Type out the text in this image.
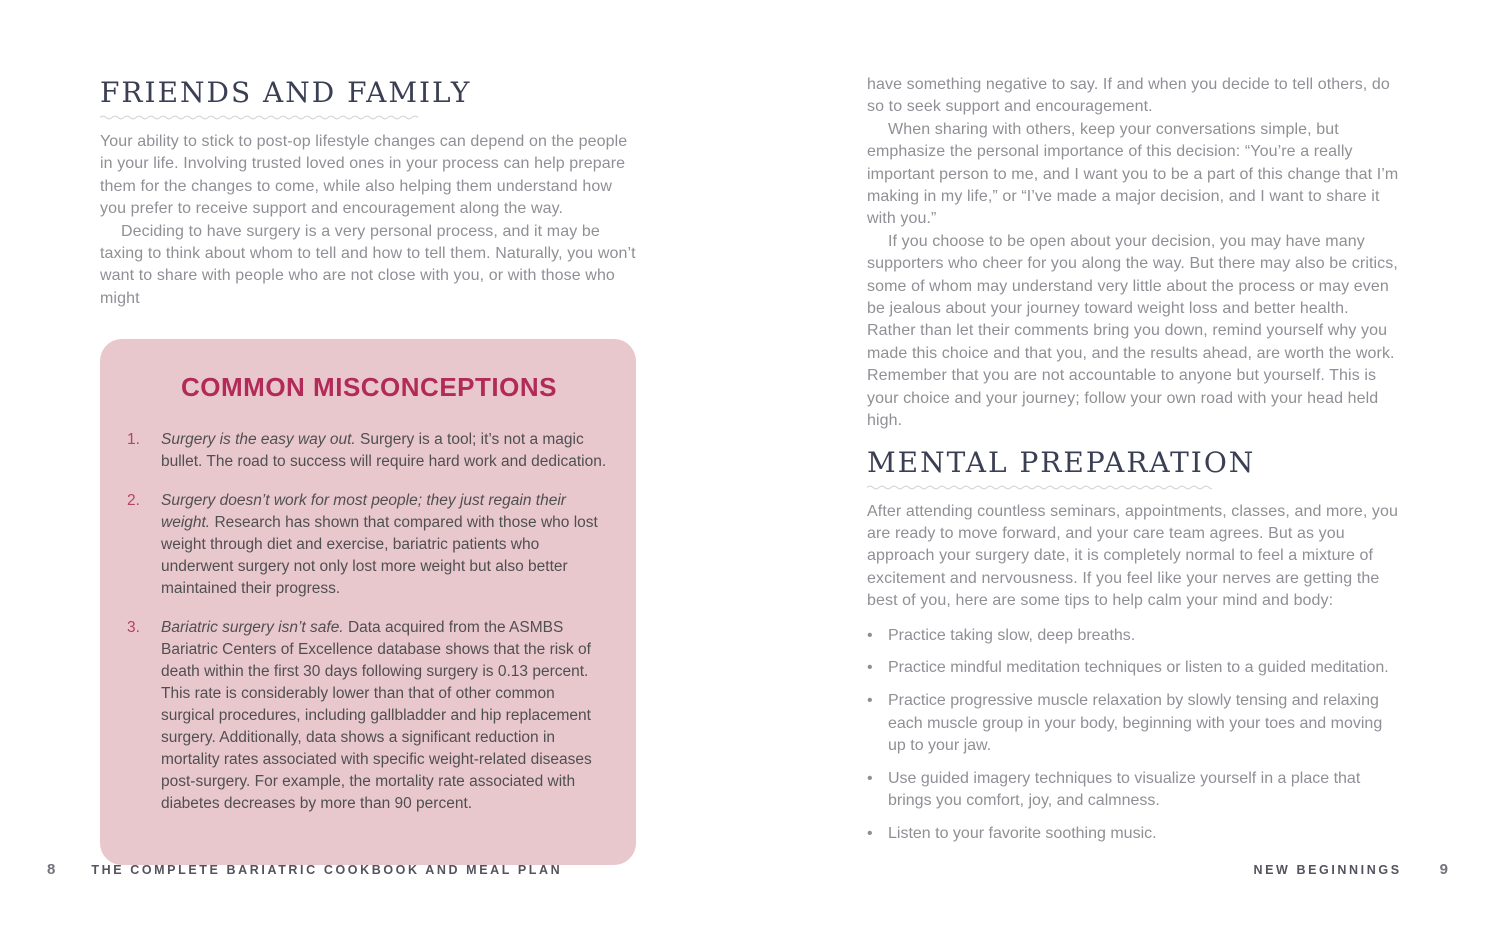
FRIENDS AND FAMILY

Your ability to stick to post-op lifestyle changes can depend on the people in your life. Involving trusted loved ones in your process can help prepare them for the changes to come, while also helping them understand how you prefer to receive support and encouragement along the way.

Deciding to have surgery is a very personal process, and it may be taxing to think about whom to tell and how to tell them. Naturally, you won’t want to share with people who are not close with you, or with those who might

COMMON MISCONCEPTIONS
1.	Surgery is the easy way out. Surgery is a tool; it’s not a magic bullet. The road to success will require hard work and dedication.
2.	Surgery doesn’t work for most people; they just regain their weight. Research has shown that compared with those who lost weight through diet and exercise, bariatric patients who underwent surgery not only lost more weight but also better maintained their progress.
3.	Bariatric surgery isn’t safe. Data acquired from the ASMBS Bariatric Centers of Excellence database shows that the risk of death within the first 30 days following surgery is 0.13 percent. This rate is considerably lower than that of other common surgical procedures, including gallbladder and hip replacement surgery. Additionally, data shows a significant reduction in mortality rates associated with specific weight-related diseases post-surgery. For example, the mortality rate associated with diabetes decreases by more than 90 percent.

have something negative to say. If and when you decide to tell others, do so to seek support and encouragement.

When sharing with others, keep your conversations simple, but emphasize the personal importance of this decision: “You’re a really important person to me, and I want you to be a part of this change that I’m making in my life,” or “I’ve made a major decision, and I want to share it with you.”

If you choose to be open about your decision, you may have many supporters who cheer for you along the way. But there may also be critics, some of whom may understand very little about the process or may even be jealous about your journey toward weight loss and better health. Rather than let their comments bring you down, remind yourself why you made this choice and that you, and the results ahead, are worth the work. Remember that you are not accountable to anyone but yourself. This is your choice and your journey; follow your own road with your head held high.

MENTAL PREPARATION

After attending countless seminars, appointments, classes, and more, you are ready to move forward, and your care team agrees. But as you approach your surgery date, it is completely normal to feel a mixture of excitement and nervousness. If you feel like your nerves are getting the best of you, here are some tips to help calm your mind and body:

• Practice taking slow, deep breaths.
• Practice mindful meditation techniques or listen to a guided meditation.
• Practice progressive muscle relaxation by slowly tensing and relaxing each muscle group in your body, beginning with your toes and moving up to your jaw.
• Use guided imagery techniques to visualize yourself in a place that brings you comfort, joy, and calmness.
• Listen to your favorite soothing music.
8	THE COMPLETE BARIATRIC COOKBOOK AND MEAL PLAN	NEW BEGINNINGS	9
